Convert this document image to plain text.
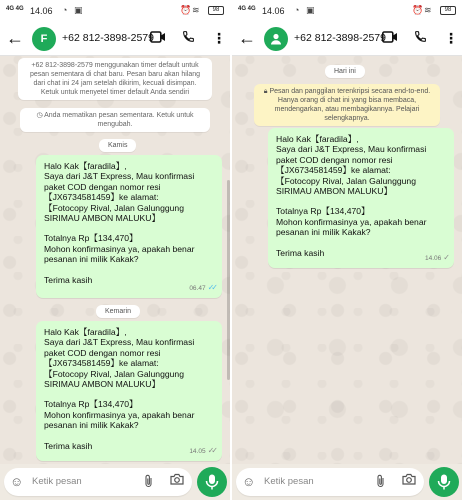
4G 4G 14.06 ◔ ▣	⏰ ≋	98
←	F	+62 812-3898-2579	⋮
+62 812-3898-2579 menggunakan timer default untuk pesan sementara di chat baru. Pesan baru akan hilang dari chat ini 24 jam setelah dikirim, kecuali disimpan. Ketuk untuk menyetel timer default Anda sendiri
◷ Anda mematikan pesan sementara. Ketuk untuk mengubah.
Kamis

Halo Kak【faradila】,
Saya dari J&T Express, Mau konfirmasi paket COD dengan nomor resi【JX6734581459】ke alamat:
【Fotocopy Rival, Jalan Galunggung SIRIMAU AMBON MALUKU】

Totalnya Rp【134,470】
Mohon konfirmasinya ya, apakah benar pesanan ini milik Kakak?

Terima kasih

06.47 ✓✓
Kemarin

Halo Kak【faradila】,
Saya dari J&T Express, Mau konfirmasi paket COD dengan nomor resi【JX6734581459】ke alamat:
【Fotocopy Rival, Jalan Galunggung SIRIMAU AMBON MALUKU】

Totalnya Rp【134,470】
Mohon konfirmasinya ya, apakah benar pesanan ini milik Kakak?

Terima kasih

14.05 ✓✓
☺ Ketik pesan
4G 4G 14.06 ◔ ▣	⏰ ≋	98
←	+62 812-3898-2579	⋮
Hari ini
🔒︎ Pesan dan panggilan terenkripsi secara end-to-end. Hanya orang di chat ini yang bisa membaca, mendengarkan, atau membagikannya. Pelajari selengkapnya.

Halo Kak【faradila】,
Saya dari J&T Express, Mau konfirmasi paket COD dengan nomor resi【JX6734581459】ke alamat:
【Fotocopy Rival, Jalan Galunggung SIRIMAU AMBON MALUKU】

Totalnya Rp【134,470】
Mohon konfirmasinya ya, apakah benar pesanan ini milik Kakak?

Terima kasih

14.06 ✓
☺ Ketik pesan
